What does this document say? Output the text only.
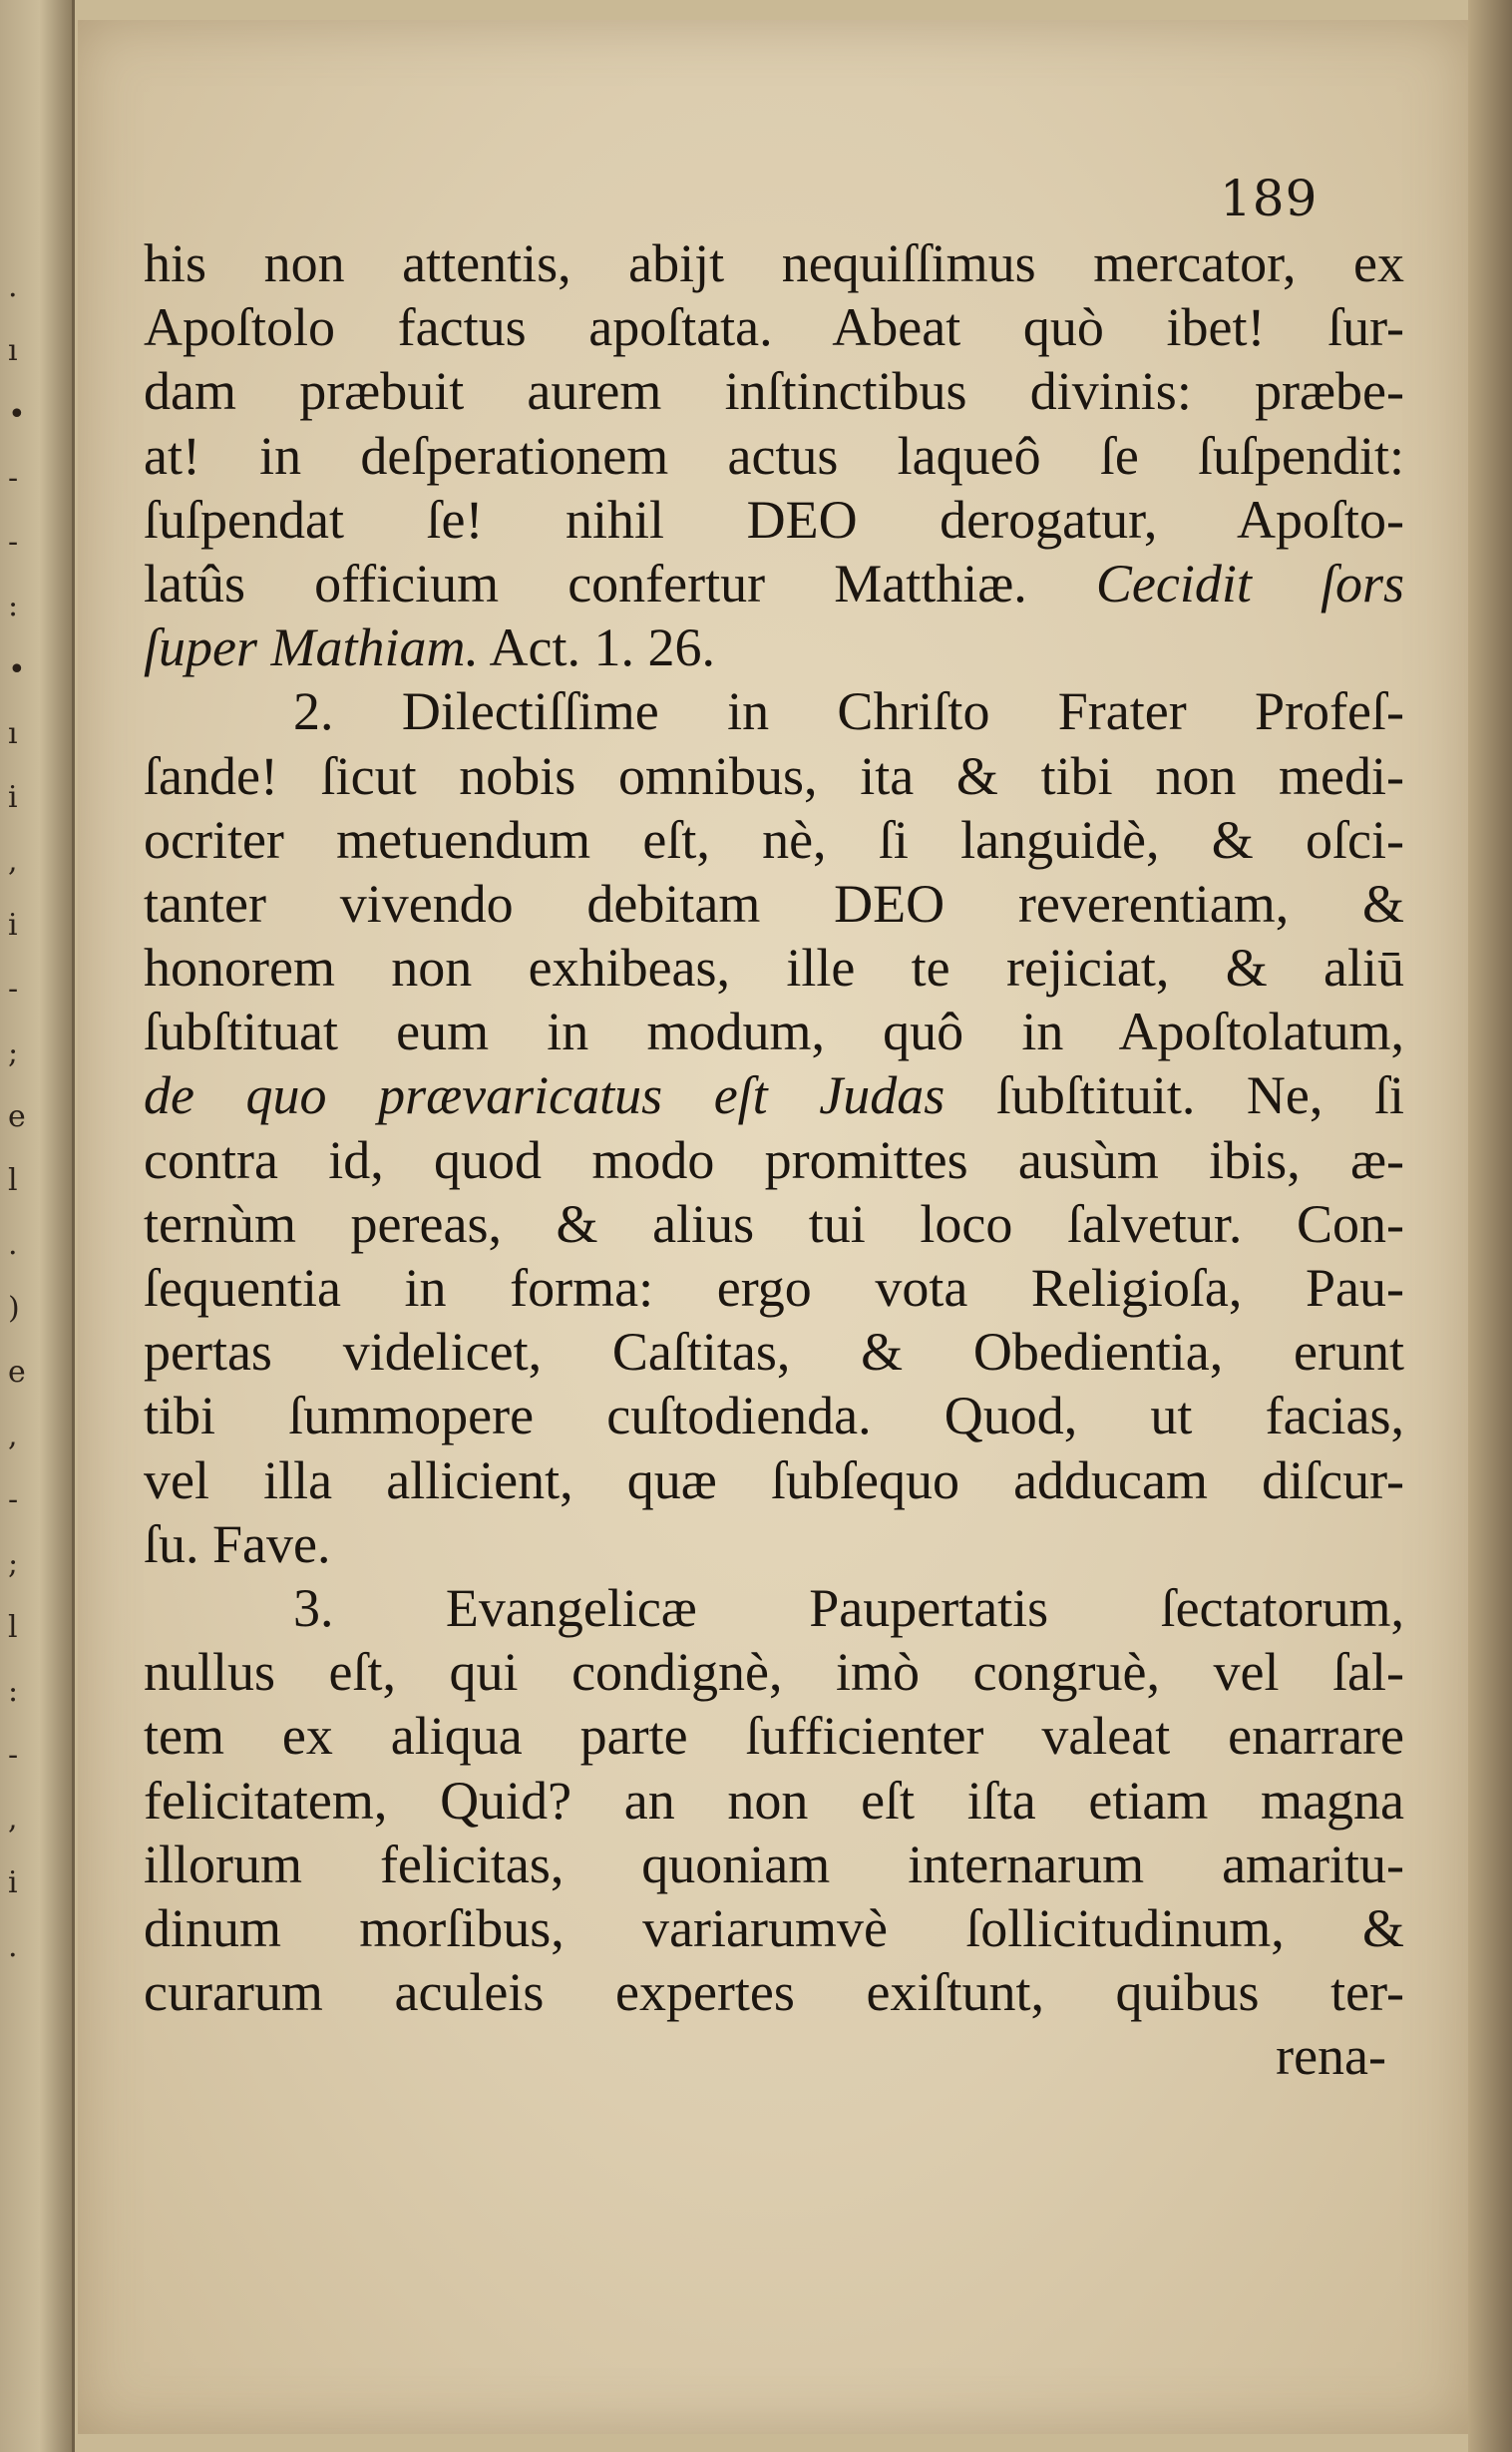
.
ı
•
-
-
:
•
ı
i
,
i
-
;
e
l
.
)
e
,
-
;
l
:
-
,
i
.
189
his non attentis, abijt nequiſſimus mercator, ex
Apoſtolo factus apoſtata. Abeat quò ibet! ſur-
dam præbuit aurem inſtinctibus divinis: præbe-
at! in deſperationem actus laqueô ſe ſuſpendit:
ſuſpendat ſe! nihil DEO derogatur, Apoſto-
latûs officium confertur Matthiæ. Cecidit ſors
ſuper Mathiam. Act. 1. 26.
2. Dilectiſſime in Chriſto Frater Profeſ-
ſande! ſicut nobis omnibus, ita & tibi non medi-
ocriter metuendum eſt, nè, ſi languidè, & oſci-
tanter vivendo debitam DEO reverentiam, &
honorem non exhibeas, ille te rejiciat, & aliū
ſubſtituat eum in modum, quô in Apoſtolatum,
de quo prævaricatus eſt Judas ſubſtituit. Ne, ſi
contra id, quod modo promittes ausùm ibis, æ-
ternùm pereas, & alius tui loco ſalvetur. Con-
ſequentia in forma: ergo vota Religioſa, Pau-
pertas videlicet, Caſtitas, & Obedientia, erunt
tibi ſummopere cuſtodienda. Quod, ut facias,
vel illa allicient, quæ ſubſequo adducam diſcur-
ſu. Fave.
3. Evangelicæ Paupertatis ſectatorum,
nullus eſt, qui condignè, imò congruè, vel ſal-
tem ex aliqua parte ſufficienter valeat enarrare
felicitatem, Quid? an non eſt iſta etiam magna
illorum felicitas, quoniam internarum amaritu-
dinum morſibus, variarumvè ſollicitudinum, &
curarum aculeis expertes exiſtunt, quibus ter-
rena-
